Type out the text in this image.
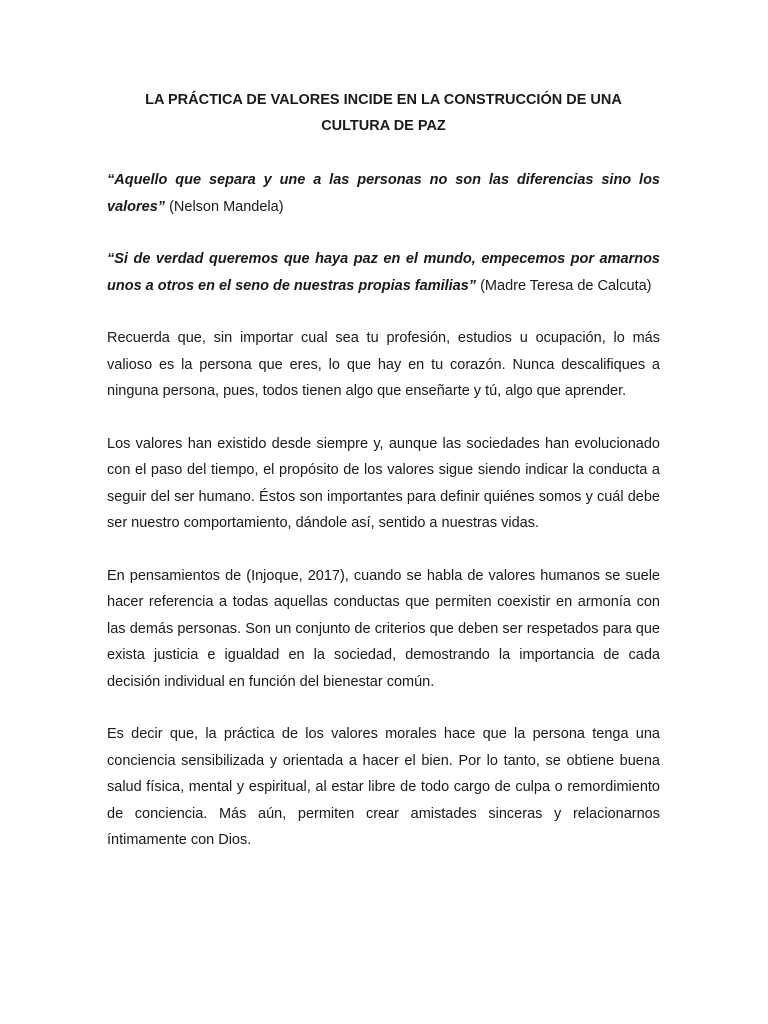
LA PRÁCTICA DE VALORES INCIDE EN LA CONSTRUCCIÓN DE UNA
CULTURA DE PAZ

“Aquello que separa y une a las personas no son las diferencias sino los valores” (Nelson Mandela)

“Si de verdad queremos que haya paz en el mundo, empecemos por amarnos unos a otros en el seno de nuestras propias familias” (Madre Teresa de Calcuta)

Recuerda que, sin importar cual sea tu profesión, estudios u ocupación, lo más valioso es la persona que eres, lo que hay en tu corazón. Nunca descalifiques a ninguna persona, pues, todos tienen algo que enseñarte y tú, algo que aprender.

Los valores han existido desde siempre y, aunque las sociedades han evolucionado con el paso del tiempo, el propósito de los valores sigue siendo indicar la conducta a seguir del ser humano. Éstos son importantes para definir quiénes somos y cuál debe ser nuestro comportamiento, dándole así, sentido a nuestras vidas.

En pensamientos de (Injoque, 2017), cuando se habla de valores humanos se suele hacer referencia a todas aquellas conductas que permiten coexistir en armonía con las demás personas. Son un conjunto de criterios que deben ser respetados para que exista justicia e igualdad en la sociedad, demostrando la importancia de cada decisión individual en función del bienestar común.

Es decir que, la práctica de los valores morales hace que la persona tenga una conciencia sensibilizada y orientada a hacer el bien. Por lo tanto, se obtiene buena salud física, mental y espiritual, al estar libre de todo cargo de culpa o remordimiento de conciencia. Más aún, permiten crear amistades sinceras y relacionarnos íntimamente con Dios.
